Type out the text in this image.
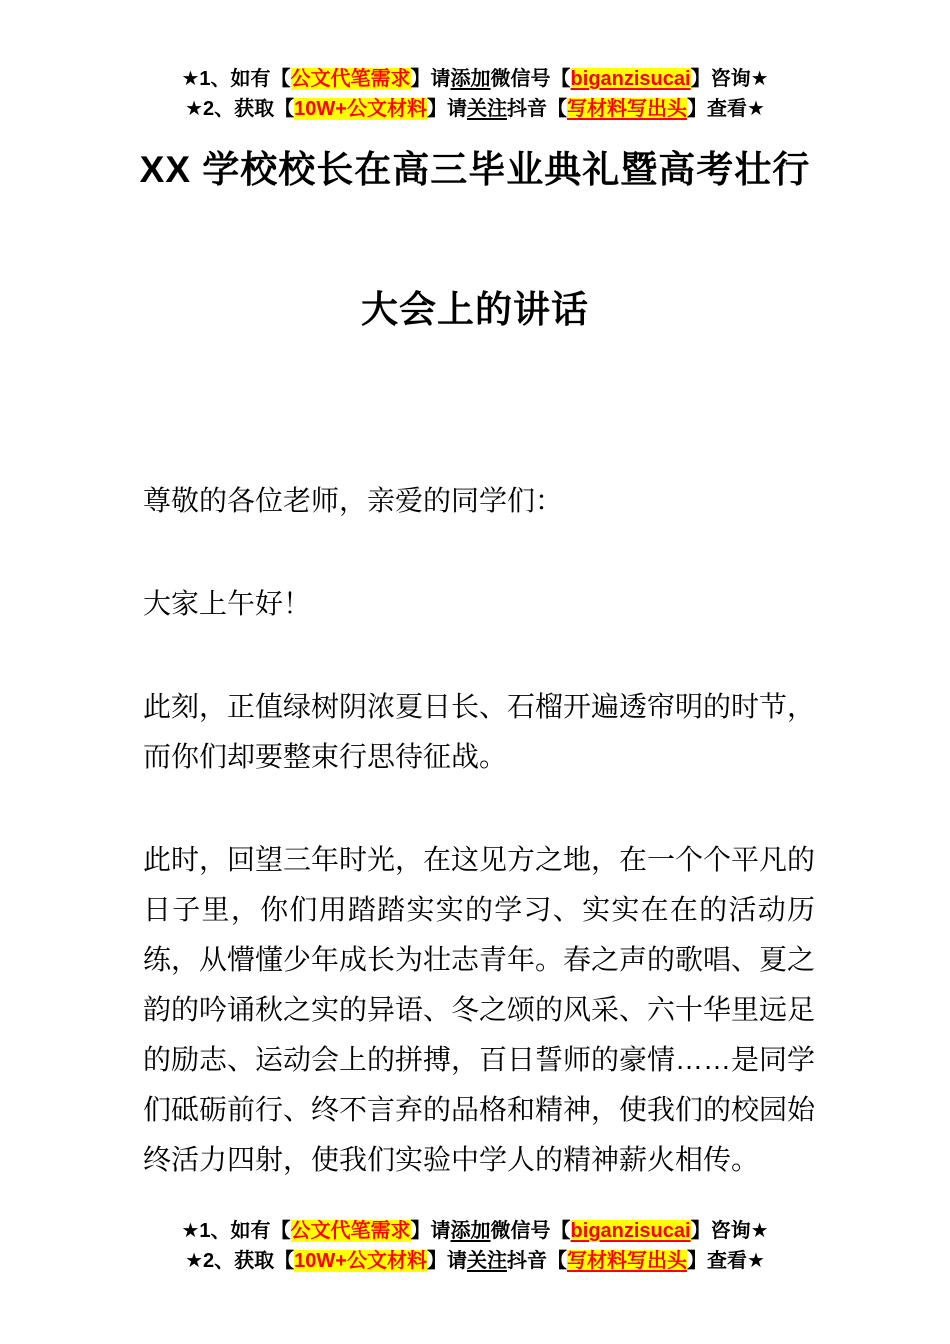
★1、如有【公文代笔需求】请添加微信号【biganzisucai】咨询★
★2、获取【10W+公文材料】请关注抖音【写材料写出头】查看★
XX 学校校长在高三毕业典礼暨高考壮行
大会上的讲话

尊敬的各位老师，亲爱的同学们：

大家上午好！

此刻，正值绿树阴浓夏日长、石榴开遍透帘明的时节，而你们却要整束行思待征战。

此时，回望三年时光，在这见方之地，在一个个平凡的日子里，你们用踏踏实实的学习、实实在在的活动历练，从懵懂少年成长为壮志青年。春之声的歌唱、夏之韵的吟诵秋之实的异语、冬之颂的风采、六十华里远足的励志、运动会上的拼搏，百日誓师的豪情……是同学们砥砺前行、终不言弃的品格和精神，使我们的校园始终活力四射，使我们实验中学人的精神薪火相传。

★1、如有【公文代笔需求】请添加微信号【biganzisucai】咨询★
★2、获取【10W+公文材料】请关注抖音【写材料写出头】查看★
